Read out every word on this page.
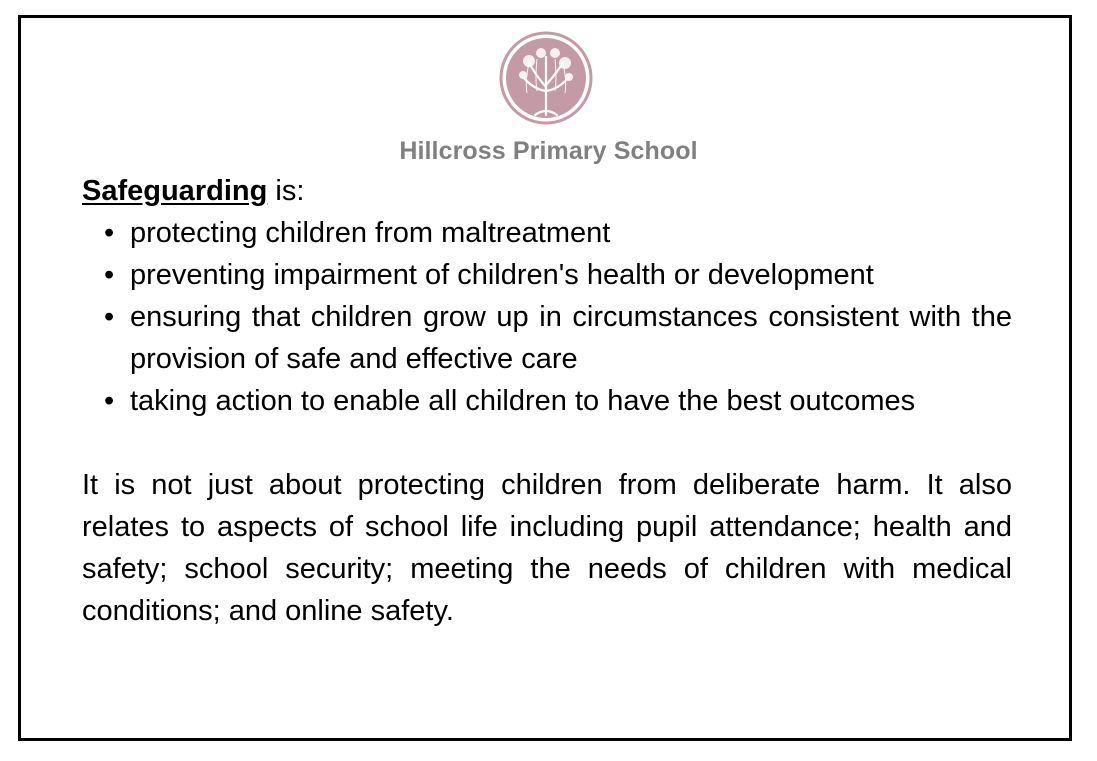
Hillcross Primary School

Safeguarding is:

• protecting children from maltreatment
• preventing impairment of children's health or development
• ensuring that children grow up in circumstances consistent with the provision of safe and effective care
• taking action to enable all children to have the best outcomes

It is not just about protecting children from deliberate harm. It also relates to aspects of school life including pupil attendance; health and safety; school security; meeting the needs of children with medical conditions; and online safety.
